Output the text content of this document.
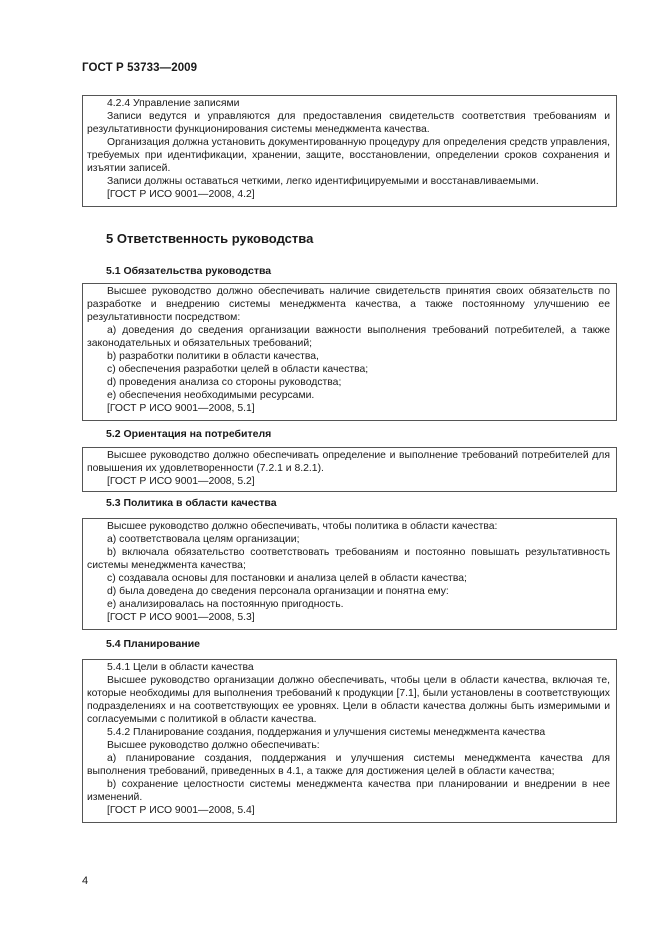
ГОСТ Р 53733—2009

4.2.4 Управление записями

Записи ведутся и управляются для предоставления свидетельств соответствия требованиям и результативности функционирования системы менеджмента качества.

Организация должна установить документированную процедуру для определения средств управления, требуемых при идентификации, хранении, защите, восстановлении, определении сроков сохранения и изъятии записей.

Записи должны оставаться четкими, легко идентифицируемыми и восстанавливаемыми.

[ГОСТ Р ИСО 9001—2008, 4.2]

5 Ответственность руководства
5.1 Обязательства руководства

Высшее руководство должно обеспечивать наличие свидетельств принятия своих обязательств по разработке и внедрению системы менеджмента качества, а также постоянному улучшению ее результативности посредством:

a) доведения до сведения организации важности выполнения требований потребителей, а также законодательных и обязательных требований;

b) разработки политики в области качества,

c) обеспечения разработки целей в области качества;

d) проведения анализа со стороны руководства;

e) обеспечения необходимыми ресурсами.

[ГОСТ Р ИСО 9001—2008, 5.1]

5.2 Ориентация на потребителя

Высшее руководство должно обеспечивать определение и выполнение требований потребителей для повышения их удовлетворенности (7.2.1 и 8.2.1).

[ГОСТ Р ИСО 9001—2008, 5.2]

5.3 Политика в области качества

Высшее руководство должно обеспечивать, чтобы политика в области качества:

a) соответствовала целям организации;

b) включала обязательство соответствовать требованиям и постоянно повышать результативность системы менеджмента качества;

c) создавала основы для постановки и анализа целей в области качества;

d) была доведена до сведения персонала организации и понятна ему:

e) анализировалась на постоянную пригодность.

[ГОСТ Р ИСО 9001—2008, 5.3]

5.4 Планирование

5.4.1 Цели в области качества

Высшее руководство организации должно обеспечивать, чтобы цели в области качества, включая те, которые необходимы для выполнения требований к продукции [7.1], были установлены в соответствующих подразделениях и на соответствующих ее уровнях. Цели в области качества должны быть измеримыми и согласуемыми с политикой в области качества.

5.4.2 Планирование создания, поддержания и улучшения системы менеджмента качества

Высшее руководство должно обеспечивать:

a) планирование создания, поддержания и улучшения системы менеджмента качества для выполнения требований, приведенных в 4.1, а также для достижения целей в области качества;

b) сохранение целостности системы менеджмента качества при планировании и внедрении в нее изменений.

[ГОСТ Р ИСО 9001—2008, 5.4]

4
